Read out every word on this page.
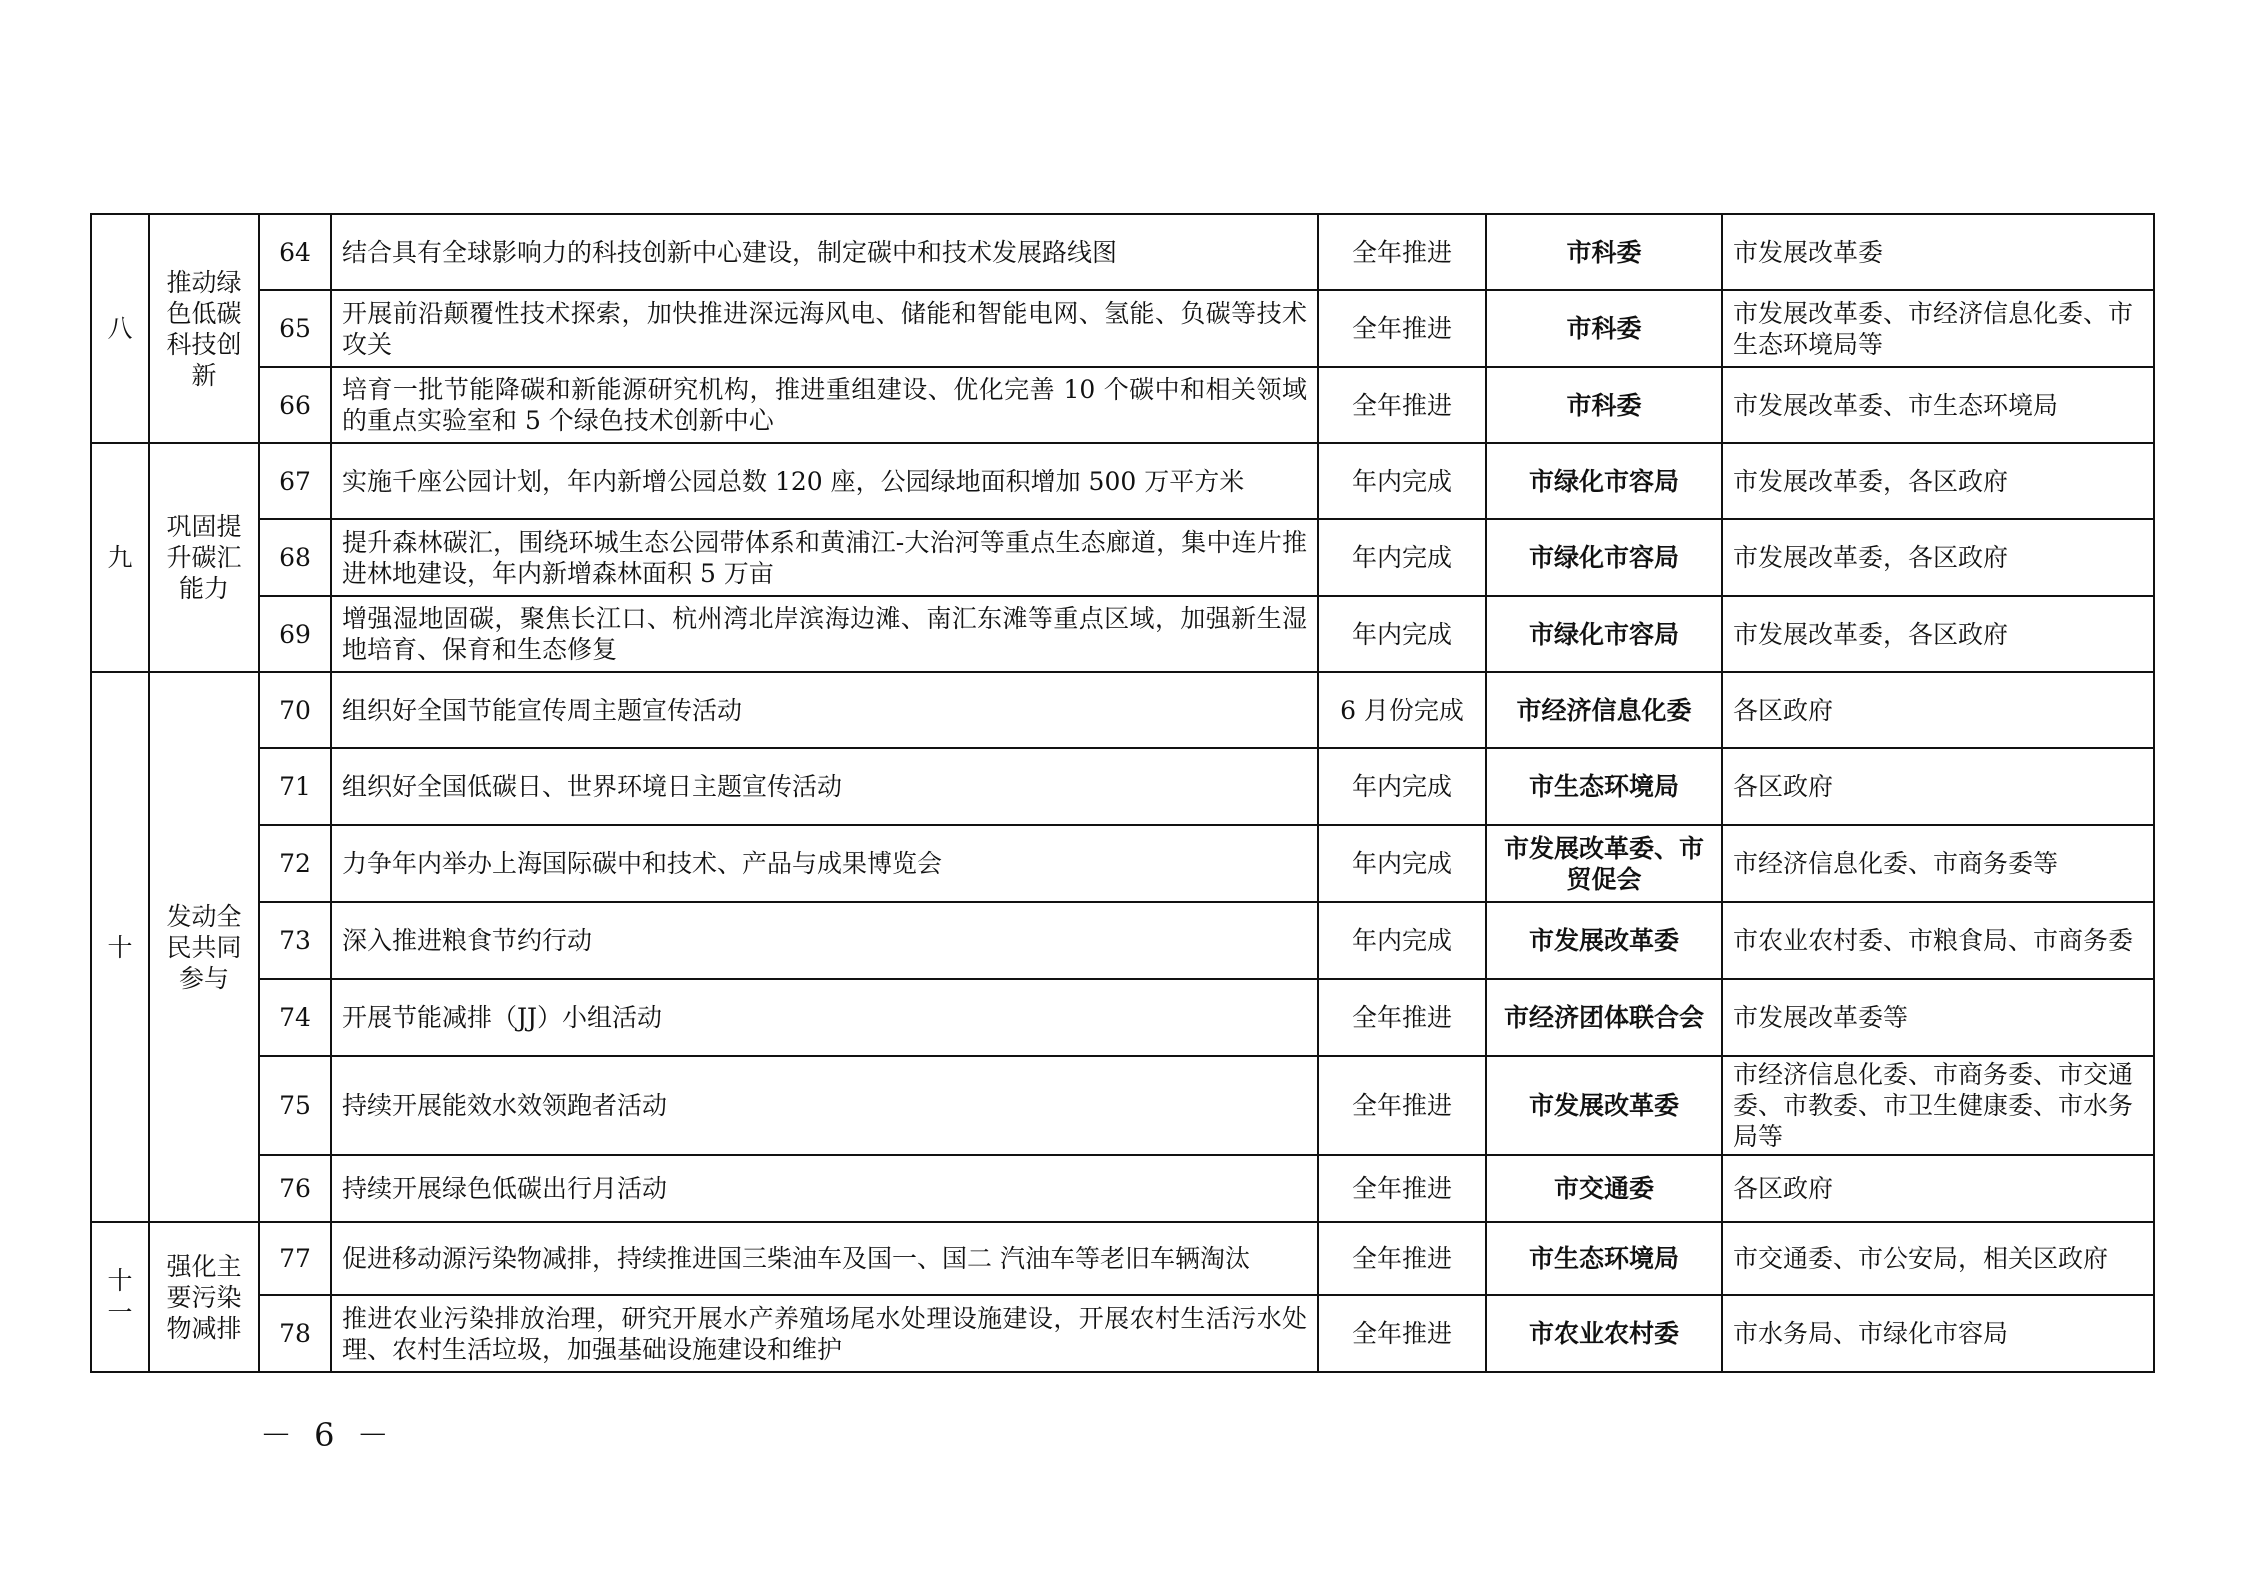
八	推动绿色低碳科技创新	64	结合具有全球影响力的科技创新中心建设，制定碳中和技术发展路线图	全年推进	市科委	市发展改革委
		65	开展前沿颠覆性技术探索，加快推进深远海风电、储能和智能电网、氢能、负碳等技术攻关	全年推进	市科委	市发展改革委、市经济信息化委、市生态环境局等
		66	培育一批节能降碳和新能源研究机构，推进重组建设、优化完善 10 个碳中和相关领域的重点实验室和 5 个绿色技术创新中心	全年推进	市科委	市发展改革委、市生态环境局
九	巩固提升碳汇能力	67	实施千座公园计划，年内新增公园总数 120 座，公园绿地面积增加 500 万平方米	年内完成	市绿化市容局	市发展改革委，各区政府
		68	提升森林碳汇，围绕环城生态公园带体系和黄浦江-大治河等重点生态廊道，集中连片推进林地建设，年内新增森林面积 5 万亩	年内完成	市绿化市容局	市发展改革委，各区政府
		69	增强湿地固碳，聚焦长江口、杭州湾北岸滨海边滩、南汇东滩等重点区域，加强新生湿地培育、保育和生态修复	年内完成	市绿化市容局	市发展改革委，各区政府
十	发动全民共同参与	70	组织好全国节能宣传周主题宣传活动	6 月份完成	市经济信息化委	各区政府
		71	组织好全国低碳日、世界环境日主题宣传活动	年内完成	市生态环境局	各区政府
		72	力争年内举办上海国际碳中和技术、产品与成果博览会	年内完成	市发展改革委、市贸促会	市经济信息化委、市商务委等
		73	深入推进粮食节约行动	年内完成	市发展改革委	市农业农村委、市粮食局、市商务委
		74	开展节能减排（JJ）小组活动	全年推进	市经济团体联合会	市发展改革委等
		75	持续开展能效水效领跑者活动	全年推进	市发展改革委	市经济信息化委、市商务委、市交通委、市教委、市卫生健康委、市水务局等
		76	持续开展绿色低碳出行月活动	全年推进	市交通委	各区政府
十一	强化主要污染物减排	77	促进移动源污染物减排，持续推进国三柴油车及国一、国二 汽油车等老旧车辆淘汰	全年推进	市生态环境局	市交通委、市公安局，相关区政府
		78	推进农业污染排放治理，研究开展水产养殖场尾水处理设施建设，开展农村生活污水处理、农村生活垃圾，加强基础设施建设和维护	全年推进	市农业农村委	市水务局、市绿化市容局
－ 6 －
